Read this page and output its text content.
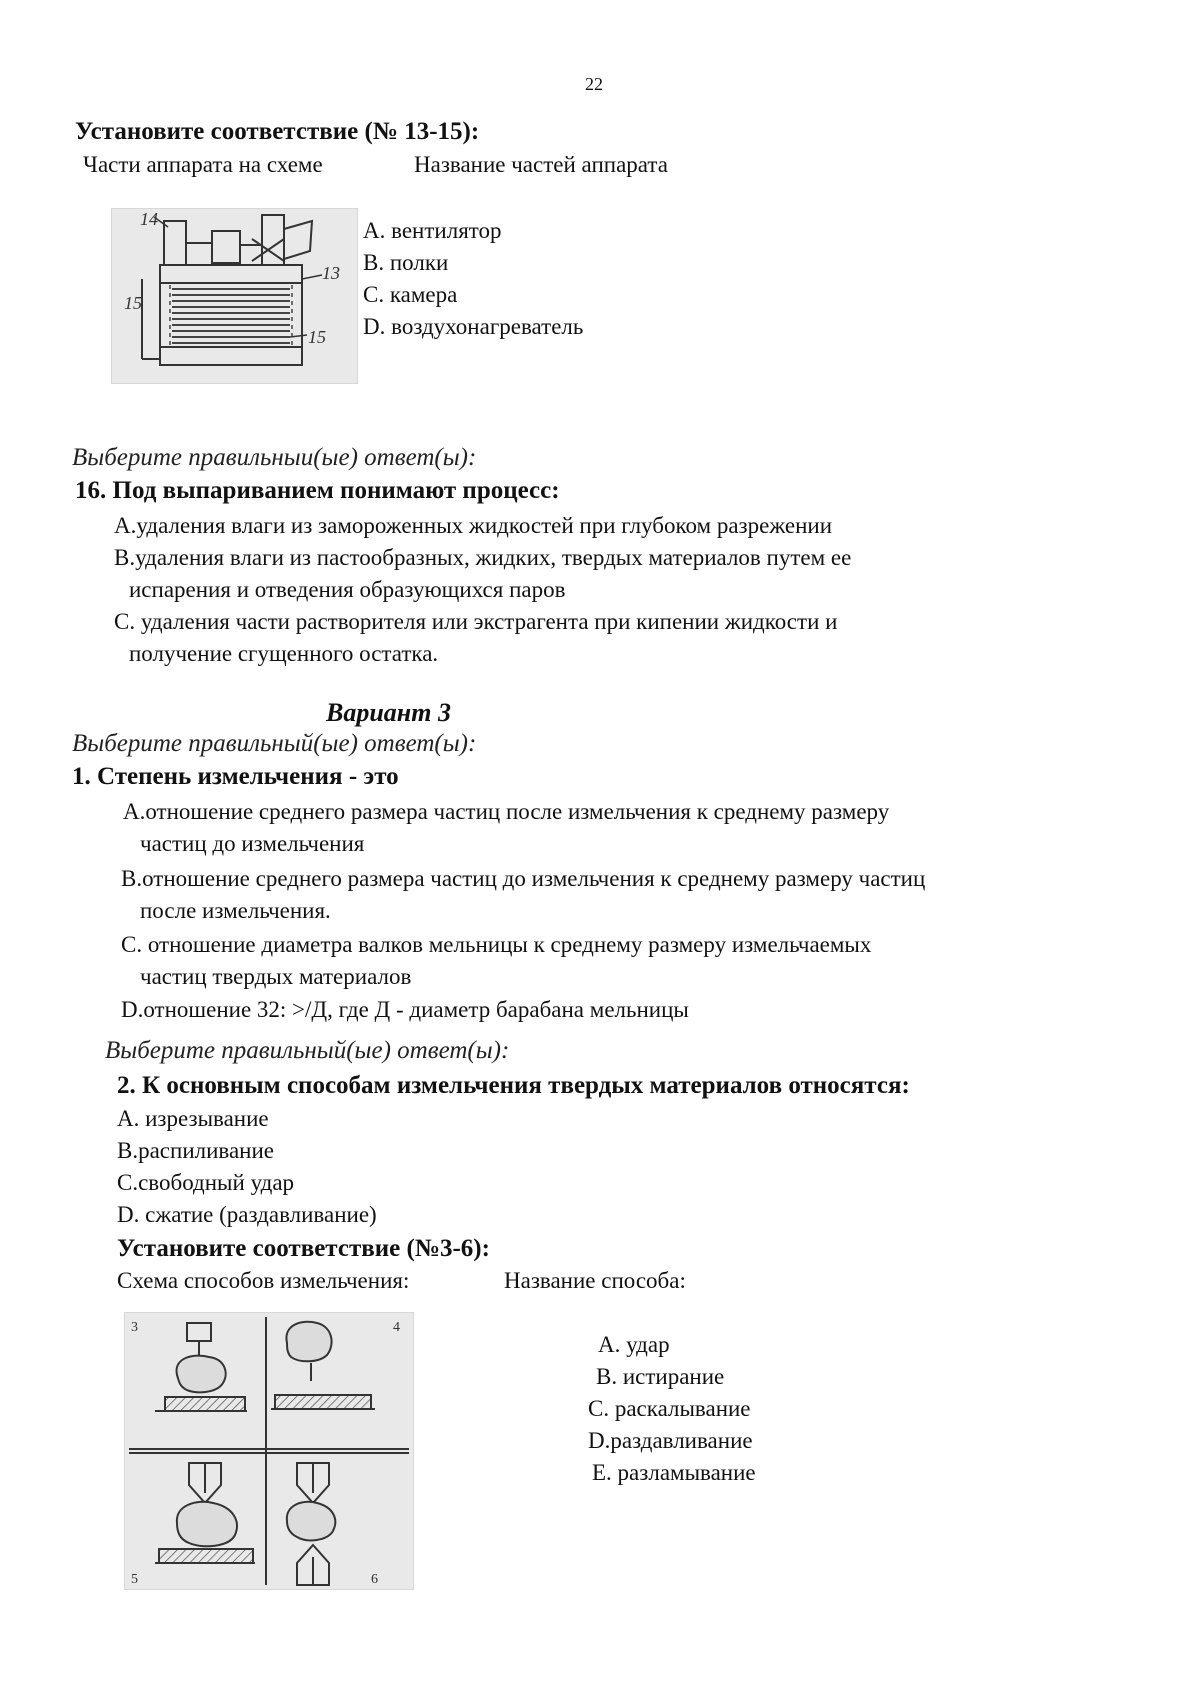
22
Установите соответствие (№ 13-15):
Части аппарата на схеме	Название частей аппарата
14
13
15
15
A. вентилятор
B. полки
C. камера
D. воздухонагреватель
Выберите правильныи(ые) ответ(ы):
16. Под выпариванием понимают процесс:
A.удаления влаги из замороженных жидкостей при глубоком разрежении
B.удаления влаги из пастообразных, жидких, твердых материалов путем ее
испарения и отведения образующихся паров
C. удаления части растворителя или экстрагента при кипении жидкости и
получение сгущенного остатка.
Вариант 3
Выберите правильный(ые) ответ(ы):
1. Степень измельчения - это
A.отношение среднего размера частиц после измельчения к среднему размеру
частиц до измельчения
B.отношение среднего размера частиц до измельчения к среднему размеру частиц
после измельчения.
C. отношение диаметра валков мельницы к среднему размеру измельчаемых
частиц твердых материалов
D.отношение 32: >/Д, где Д - диаметр барабана мельницы
Выберите правильный(ые) ответ(ы):
2. К основным способам измельчения твердых материалов относятся:
A. изрезывание
B.распиливание
C.свободный удар
D. сжатие (раздавливание)
Установите соответствие (№3-6):
Схема способов измельчения:	Название способа:
3	4
5	6
A. удар
B. истирание
C. раскалывание
D.раздавливание
E. разламывание
